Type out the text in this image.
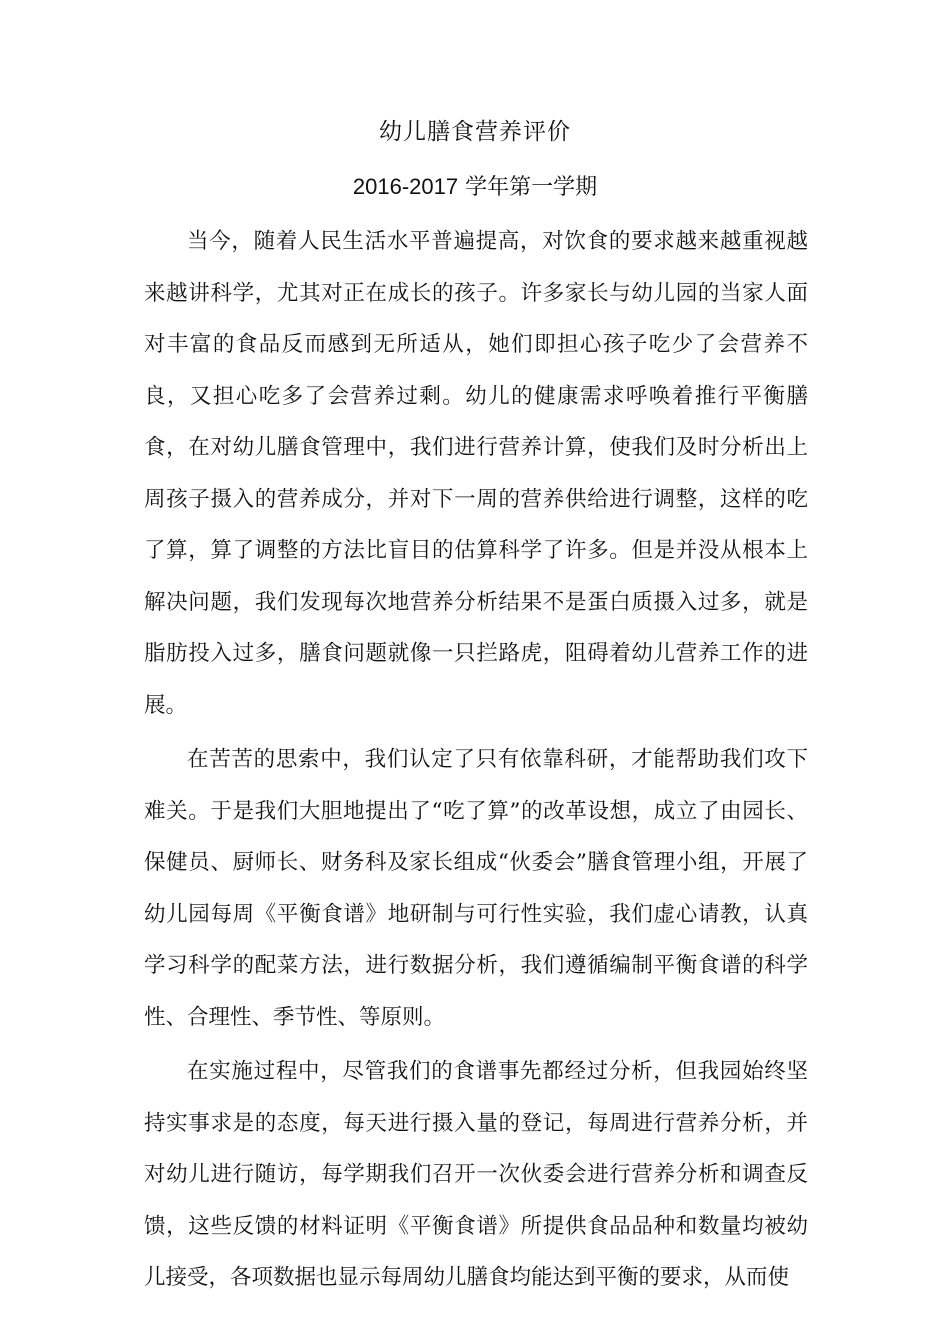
幼儿膳食营养评价
2016-2017 学年第一学期

当今，随着人民生活水平普遍提高，对饮食的要求越来越重视越来越讲科学，尤其对正在成长的孩子。许多家长与幼儿园的当家人面对丰富的食品反而感到无所适从，她们即担心孩子吃少了会营养不良，又担心吃多了会营养过剩。幼儿的健康需求呼唤着推行平衡膳食，在对幼儿膳食管理中，我们进行营养计算，使我们及时分析出上周孩子摄入的营养成分，并对下一周的营养供给进行调整，这样的吃了算，算了调整的方法比盲目的估算科学了许多。但是并没从根本上解决问题，我们发现每次地营养分析结果不是蛋白质摄入过多，就是脂肪投入过多，膳食问题就像一只拦路虎，阻碍着幼儿营养工作的进展。

在苦苦的思索中，我们认定了只有依靠科研，才能帮助我们攻下难关。于是我们大胆地提出了“吃了算”的改革设想，成立了由园长、保健员、厨师长、财务科及家长组成“伙委会”膳食管理小组，开展了幼儿园每周《平衡食谱》地研制与可行性实验，我们虚心请教，认真学习科学的配菜方法，进行数据分析，我们遵循编制平衡食谱的科学性、合理性、季节性、等原则。

在实施过程中，尽管我们的食谱事先都经过分析，但我园始终坚持实事求是的态度，每天进行摄入量的登记，每周进行营养分析，并对幼儿进行随访，每学期我们召开一次伙委会进行营养分析和调查反馈，这些反馈的材料证明《平衡食谱》所提供食品品种和数量均被幼儿接受，各项数据也显示每周幼儿膳食均能达到平衡的要求，从而使
